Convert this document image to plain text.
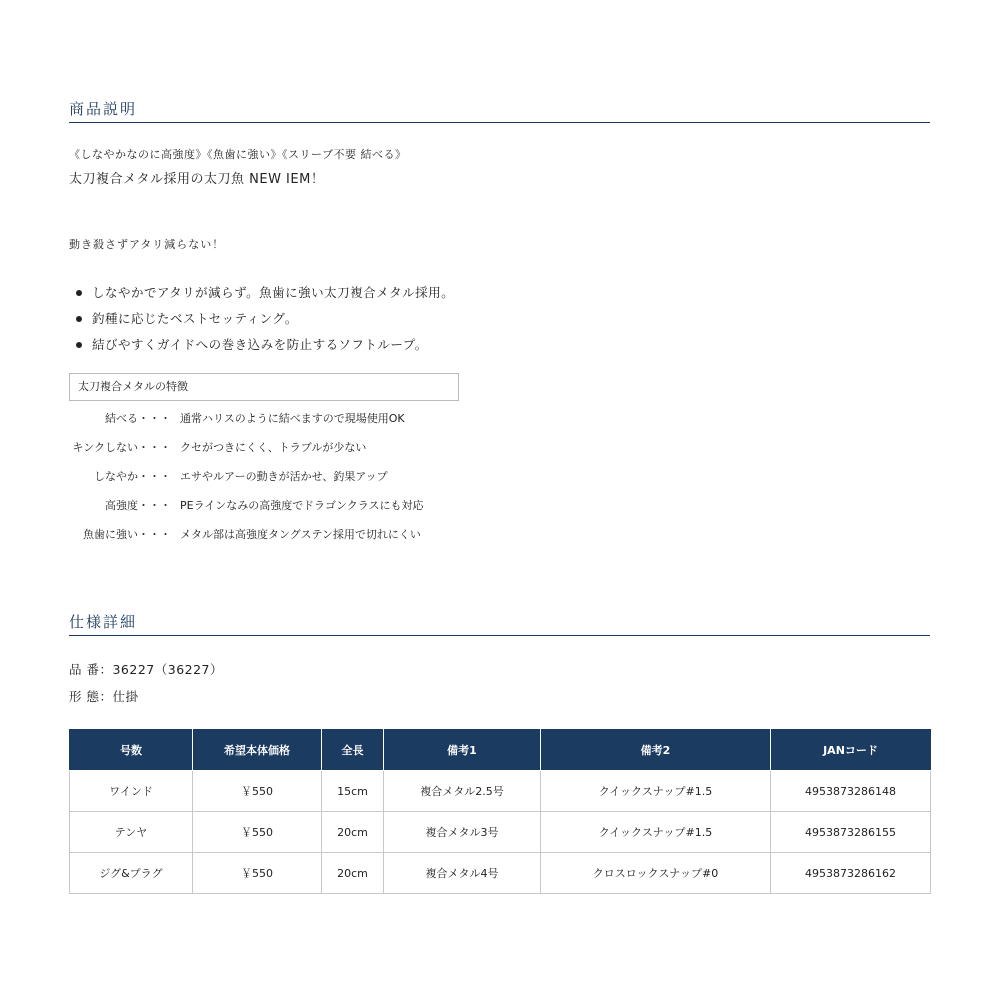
商品説明
《しなやかなのに高強度》《魚歯に強い》《スリーブ不要 結べる》
太刀複合メタル採用の太刀魚 NEW IEM！
動き殺さずアタリ減らない！
しなやかでアタリが減らず。魚歯に強い太刀複合メタル採用。
釣種に応じたベストセッティング。
結びやすくガイドへの巻き込みを防止するソフトループ。
太刀複合メタルの特徴
結べる・・・ 通常ハリスのように結べますので現場使用OK
キンクしない・・・ クセがつきにくく、トラブルが少ない
しなやか・・・ エサやルアーの動きが活かせ、釣果アップ
高強度・・・ PEラインなみの高強度でドラゴンクラスにも対応
魚歯に強い・・・ メタル部は高強度タングステン採用で切れにくい
仕様詳細
品 番：36227（36227）
形 態：仕掛
号数	希望本体価格	全長	備考1	備考2	JANコード
ワインド	￥550	15cm	複合メタル2.5号	クイックスナップ#1.5	4953873286148
テンヤ	￥550	20cm	複合メタル3号	クイックスナップ#1.5	4953873286155
ジグ&プラグ	￥550	20cm	複合メタル4号	クロスロックスナップ#0	4953873286162
